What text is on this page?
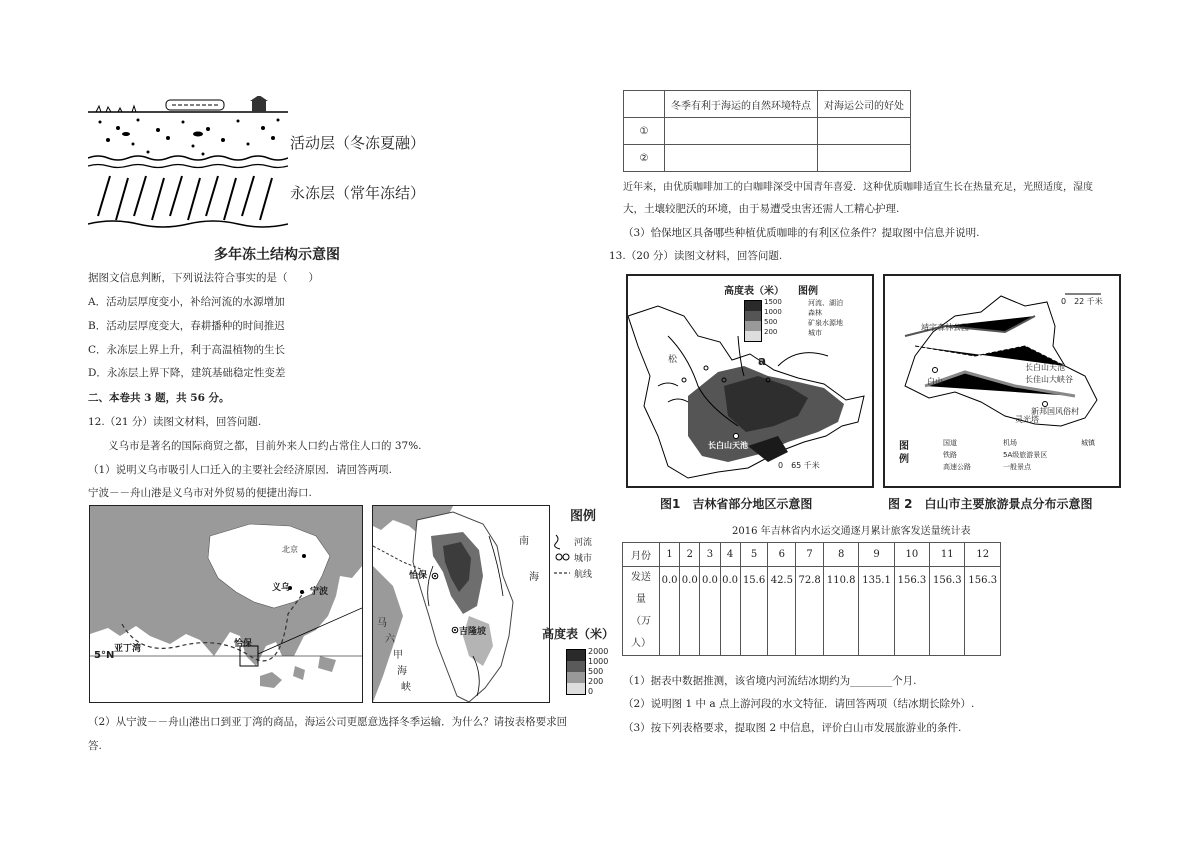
活动层（冬冻夏融）
永冻层（常年冻结）
多年冻土结构示意图
据图文信息判断，下列说法符合事实的是（　　）
A．活动层厚度变小，补给河流的水源增加
B．活动层厚度变大，春耕播种的时间推迟
C．永冻层上界上升，利于高温植物的生长
D．永冻层上界下降，建筑基础稳定性变差
二、本卷共 3 题，共 56 分。
12.（21 分）读图文材料，回答问题.
义乌市是著名的国际商贸之都，目前外来人口约占常住人口的 37%.
（1）说明义乌市吸引人口迁入的主要社会经济原因．请回答两项.
宁波－－舟山港是义乌市对外贸易的便捷出海口.
北京
义乌 宁波
亚丁湾
5°N
恰保
南
海
怡保
吉隆坡
马
六
甲
海
峡
图例
河流
城市
航线
高度表（米）
2000
1000
500
200
0
（2）从宁波－－舟山港出口到亚丁湾的商品，海运公司更愿意选择冬季运输．为什么？请按表格要求回
答.
	冬季有利于海运的自然环境特点	对海运公司的好处
①		
②		
近年来，由优质咖啡加工的白咖啡深受中国青年喜爱．这种优质咖啡适宜生长在热量充足，光照适度，湿度
大，土壤较肥沃的环境，由于易遭受虫害还需人工精心护理.
（3）恰保地区具备哪些种植优质咖啡的有利区位条件？提取图中信息并说明.
13.（20 分）读图文材料，回答问题.
高度表（米） 图例
1500
1000
500
200
河流、湖泊
森林
矿泉水源地
城市
a
松
长白山天池
0　65 千米
0　22 千米
靖宇森林公园
长白山天池
长佳山大峡谷
新邦国风俗村
白山
灵光塔
图例
国道
铁路
高速公路
机场
5A级旅游景区
一般景点
城镇
图1　吉林省部分地区示意图	图 2　白山市主要旅游景点分布示意图
2016 年吉林省内水运交通逐月累计旅客发送量统计表
月份	1	2	3	4	5	6	7	8	9	10	11	12

发送
量
（万
人）	0.0	0.0	0.0	0.0	15.6	42.5	72.8	110.8	135.1	156.3	156.3	156.3
（1）据表中数据推测，该省境内河流结冰期约为________个月.
（2）说明图 1 中 a 点上游河段的水文特征．请回答两项（结冰期长除外）.
（3）按下列表格要求，提取图 2 中信息，评价白山市发展旅游业的条件.
